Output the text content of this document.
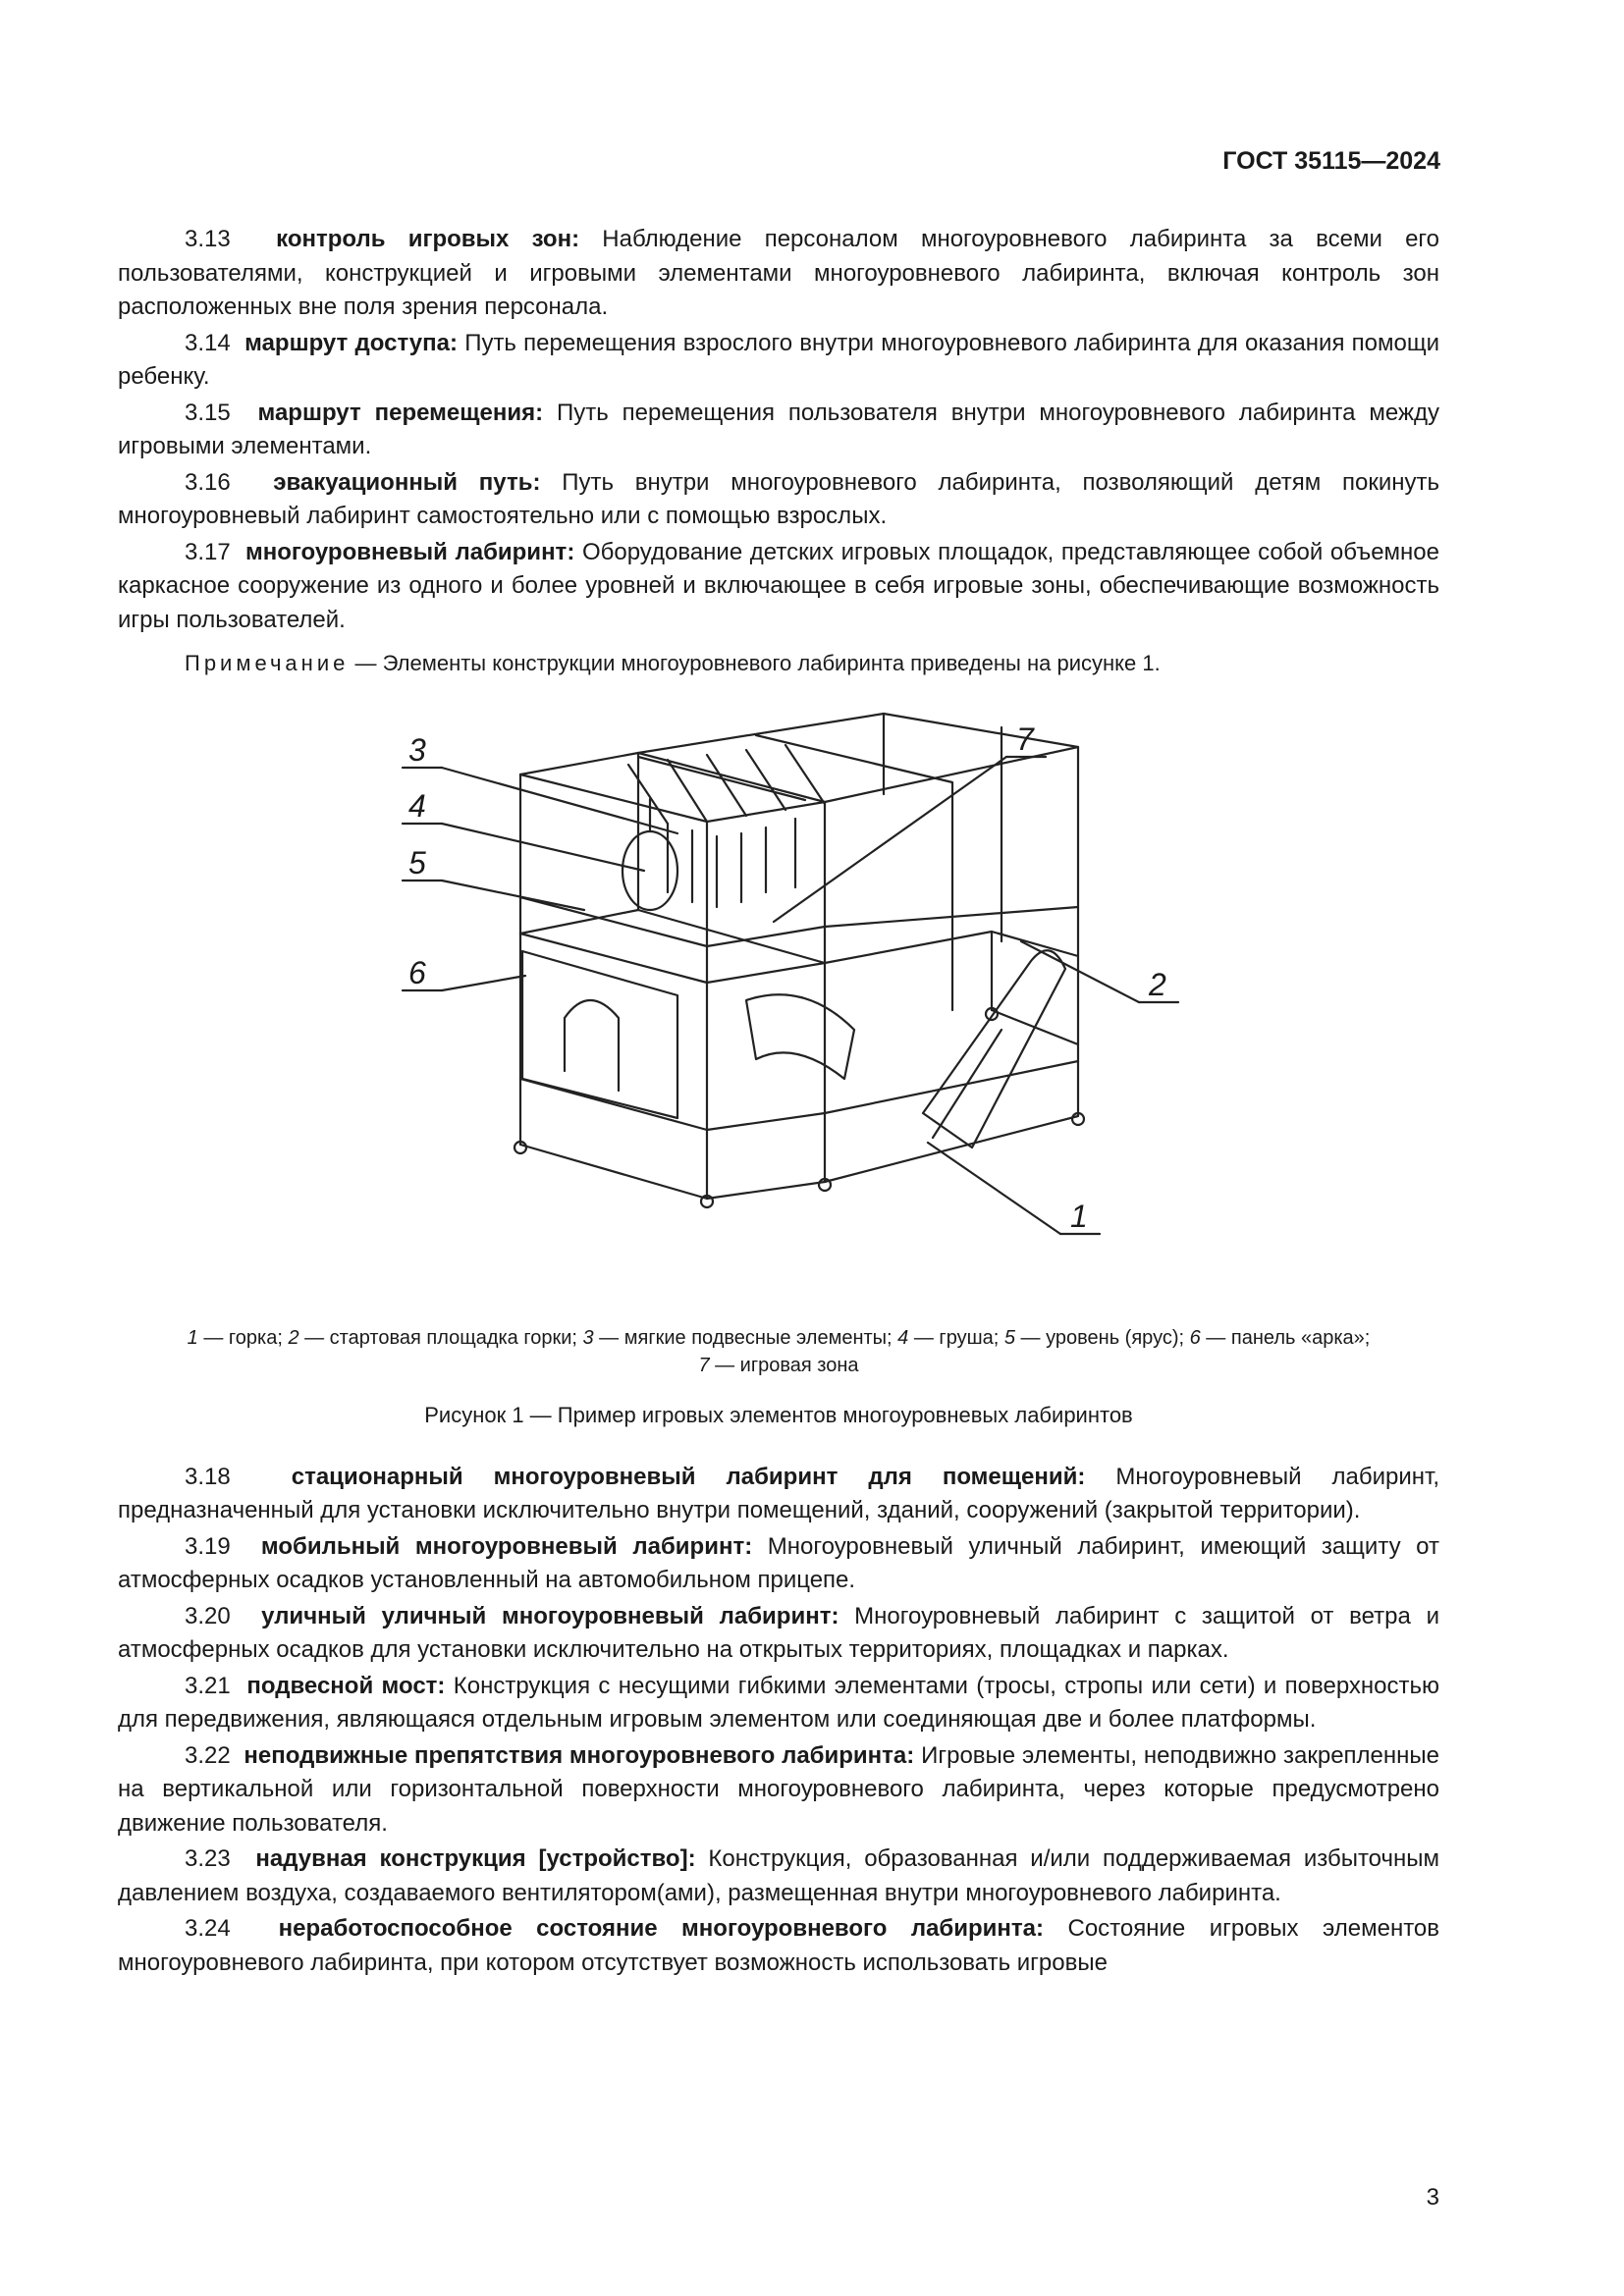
ГОСТ 35115—2024

3.13 контроль игровых зон: Наблюдение персоналом многоуровневого лабиринта за всеми его пользователями, конструкцией и игровыми элементами многоуровневого лабиринта, включая контроль зон расположенных вне поля зрения персонала.

3.14 маршрут доступа: Путь перемещения взрослого внутри многоуровневого лабиринта для оказания помощи ребенку.

3.15 маршрут перемещения: Путь перемещения пользователя внутри многоуровневого лабиринта между игровыми элементами.

3.16 эвакуационный путь: Путь внутри многоуровневого лабиринта, позволяющий детям покинуть многоуровневый лабиринт самостоятельно или с помощью взрослых.

3.17 многоуровневый лабиринт: Оборудование детских игровых площадок, представляющее собой объемное каркасное сооружение из одного и более уровней и включающее в себя игровые зоны, обеспечивающие возможность игры пользователей.

Примечание — Элементы конструкции многоуровневого лабиринта приведены на рисунке 1.

3
4
5
6
7
2
1
1 — горка; 2 — стартовая площадка горки; 3 — мягкие подвесные элементы; 4 — груша; 5 — уровень (ярус); 6 — панель «арка»;
7 — игровая зона
Рисунок 1 — Пример игровых элементов многоуровневых лабиринтов

3.18	стационарный многоуровневый лабиринт для помещений: Многоуровневый лабиринт, предназначенный для установки исключительно внутри помещений, зданий, сооружений (закрытой территории).

3.19 мобильный многоуровневый лабиринт: Многоуровневый уличный лабиринт, имеющий защиту от атмосферных осадков установленный на автомобильном прицепе.

3.20 уличный уличный многоуровневый лабиринт: Многоуровневый лабиринт с защитой от ветра и атмосферных осадков для установки исключительно на открытых территориях, площадках и парках.

3.21 подвесной мост: Конструкция с несущими гибкими элементами (тросы, стропы или сети) и поверхностью для передвижения, являющаяся отдельным игровым элементом или соединяющая две и более платформы.

3.22 неподвижные препятствия многоуровневого лабиринта: Игровые элементы, неподвижно закрепленные на вертикальной или горизонтальной поверхности многоуровневого лабиринта, через которые предусмотрено движение пользователя.

3.23 надувная конструкция [устройство]: Конструкция, образованная и/или поддерживаемая избыточным давлением воздуха, создаваемого вентилятором(ами), размещенная внутри многоуровневого лабиринта.

3.24 неработоспособное состояние многоуровневого лабиринта: Состояние игровых элементов многоуровневого лабиринта, при котором отсутствует возможность использовать игровые

3
